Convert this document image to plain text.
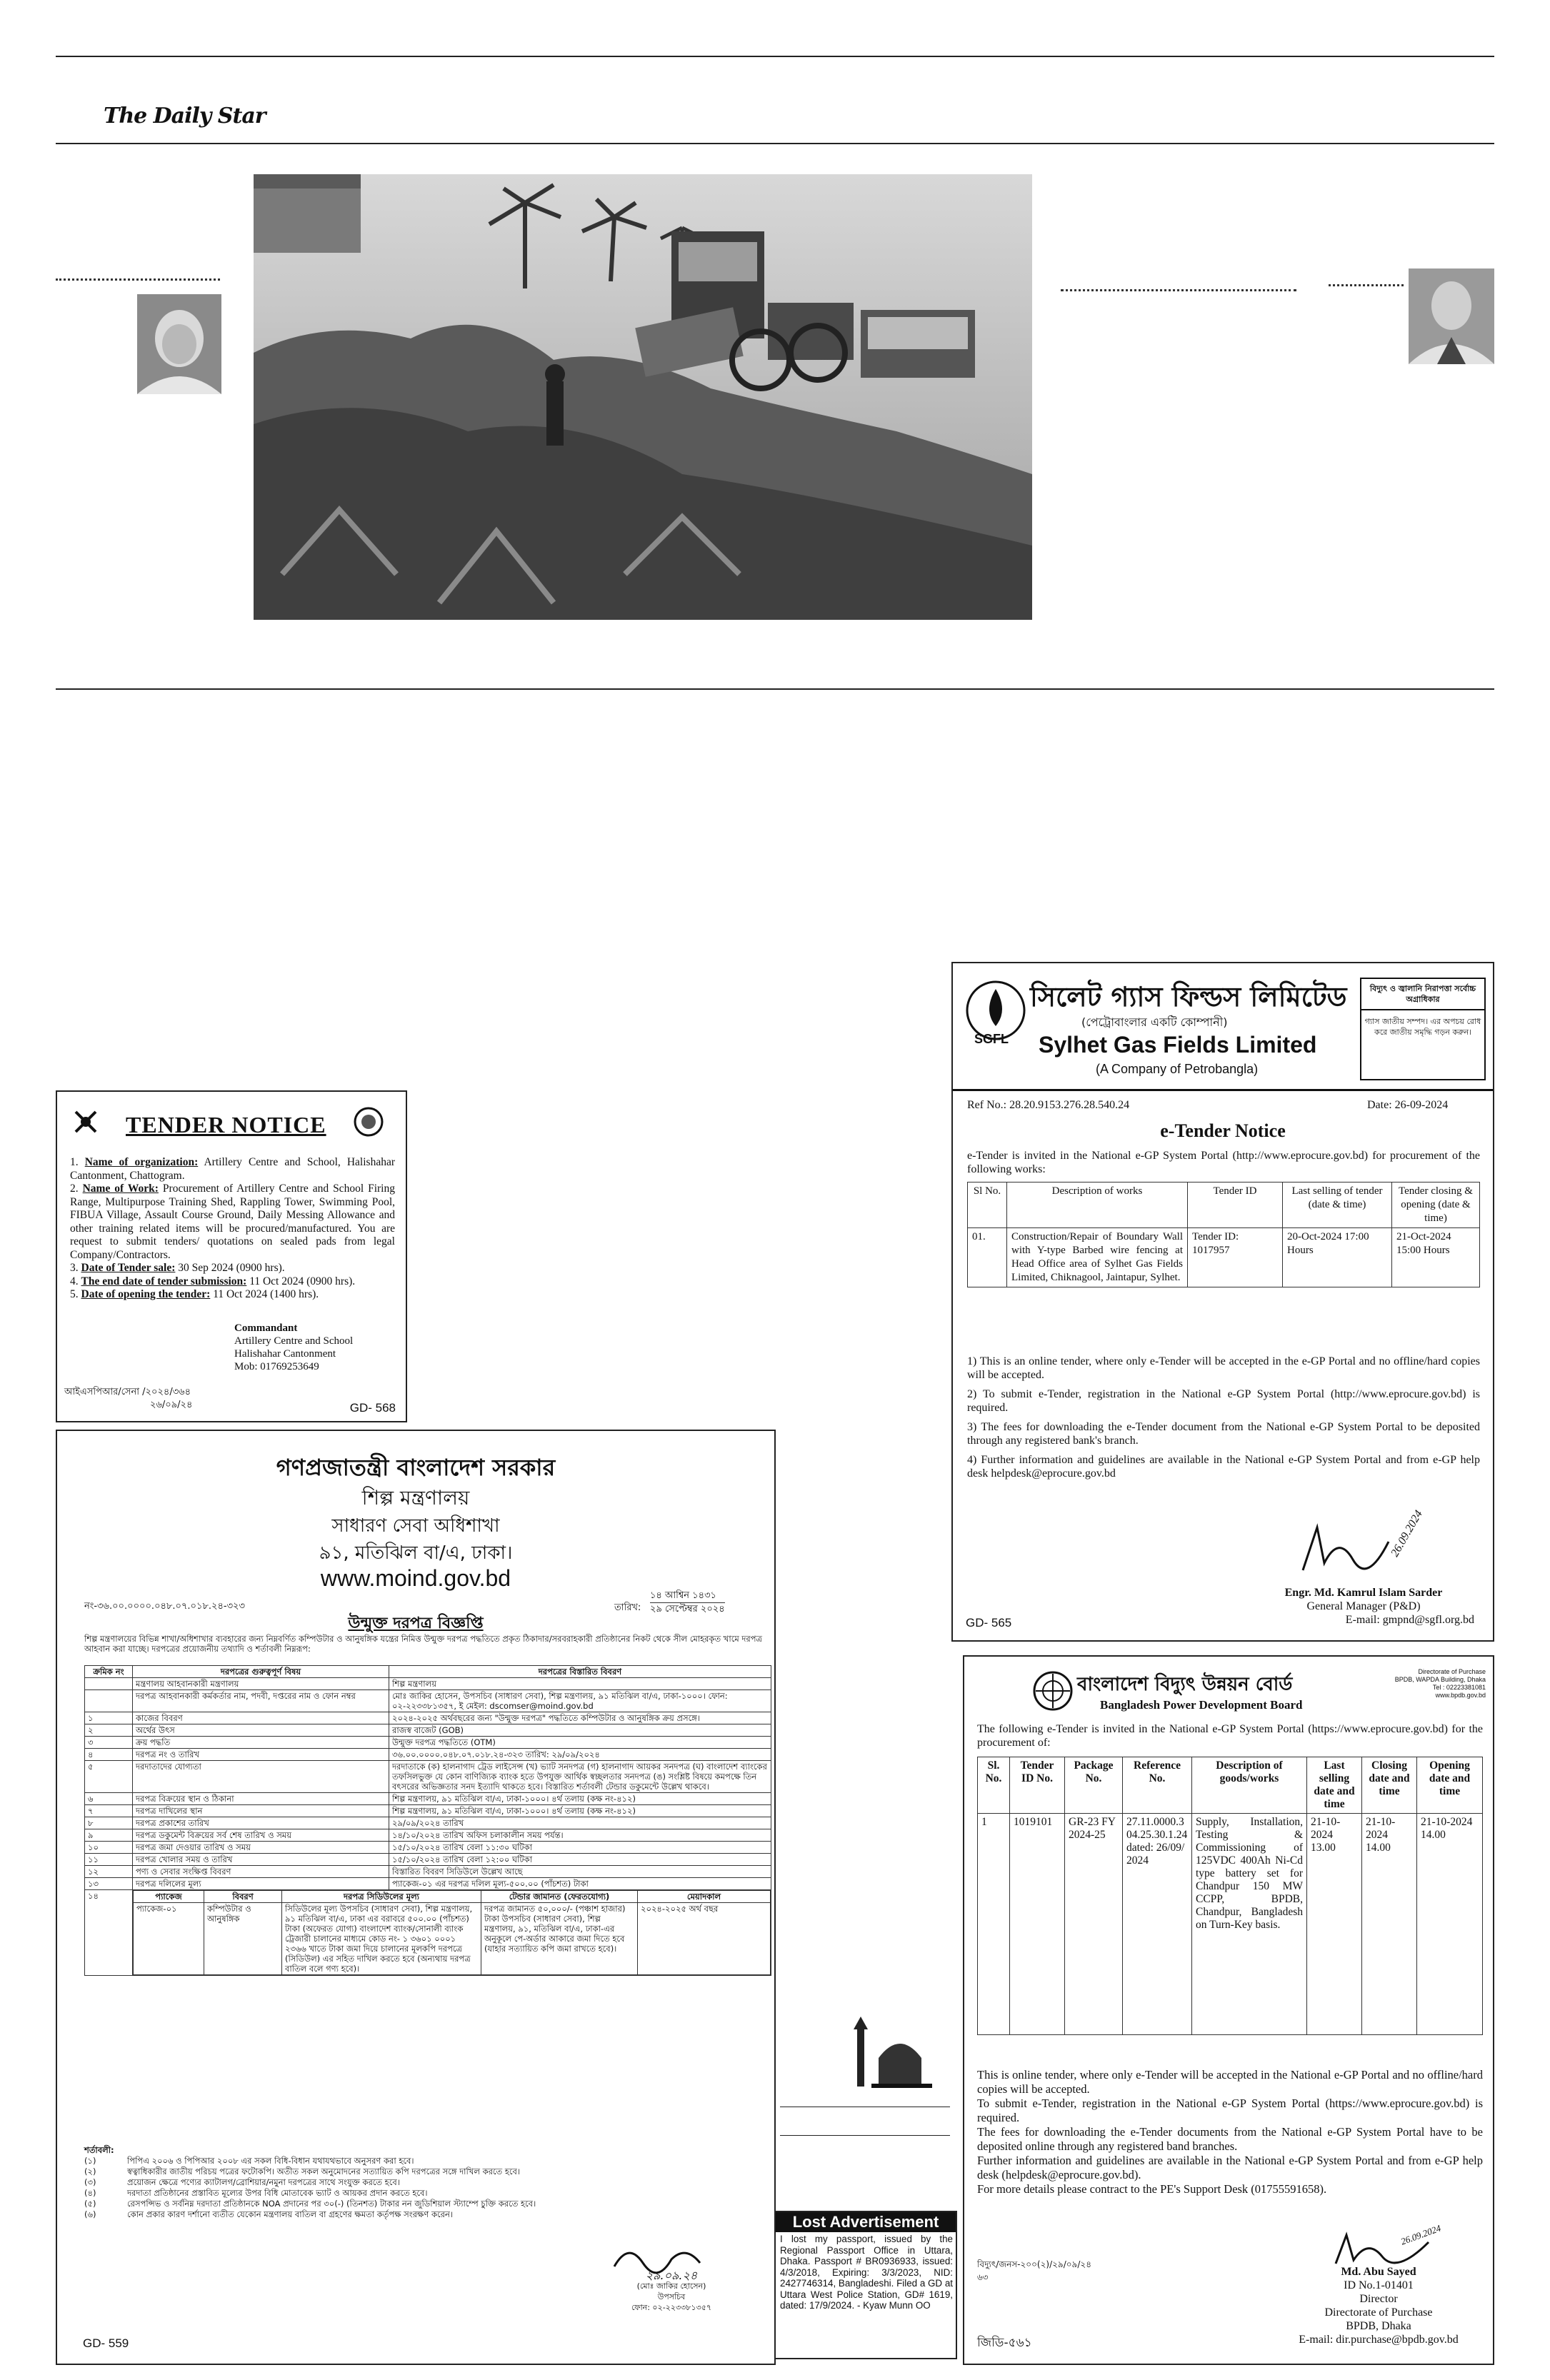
The Daily Star
TENDER NOTICE

1. Name of organization: Artillery Centre and School, Halishahar Cantonment, Chattogram.

2. Name of Work: Procurement of Artillery Centre and School Firing Range, Multipurpose Training Shed, Rappling Tower, Swimming Pool, FIBUA Village, Assault Course Ground, Daily Messing Allowance and other training related items will be procured/manufactured. You are request to submit tenders/ quotations on sealed pads from legal Company/Contractors.

3. Date of Tender sale: 30 Sep 2024 (0900 hrs).

4. The end date of tender submission: 11 Oct 2024 (0900 hrs).

5. Date of opening the tender: 11 Oct 2024 (1400 hrs).

Commandant
Artillery Centre and School
Halishahar Cantonment
Mob: 01769253649
আইএসপিআর/সেনা /২০২৪/৩৬৪
২৬/০৯/২৪	GD- 568
গণপ্রজাতন্ত্রী বাংলাদেশ সরকার
শিল্প মন্ত্রণালয়
সাধারণ সেবা অধিশাখা
৯১, মতিঝিল বা/এ, ঢাকা।
www.moind.gov.bd
নং-৩৬.০০.০০০০.০৪৮.০৭.০১৮.২৪-৩২৩	তারিখ:
১৪ আশ্বিন ১৪৩১
২৯ সেপ্টেম্বর ২০২৪
উন্মুক্ত দরপত্র বিজ্ঞপ্তি
শিল্প মন্ত্রণালয়ের বিভিন্ন শাখা/অধিশাখার ব্যবহারের জন্য নিম্নবর্ণিত কম্পিউটার ও আনুষঙ্গিক যন্ত্রের নিমিত্ত উন্মুক্ত দরপত্র পদ্ধতিতে প্রকৃত ঠিকাদার/সরবরাহকারী প্রতিষ্ঠানের নিকট থেকে সীল মোহরকৃত খামে দরপত্র আহবান করা যাচ্ছে। দরপত্রের প্রয়োজনীয় তথ্যাদি ও শর্তাবলী নিম্নরূপ:
ক্রমিক নং	দরপত্রের গুরুত্বপূর্ণ বিষয়	দরপত্রের বিস্তারিত বিবরণ
	মন্ত্রণালয় আহবানকারী মন্ত্রণালয়	শিল্প মন্ত্রণালয়
	দরপত্র আহবানকারী কর্মকর্তার নাম, পদবী, দপ্তরের নাম ও ফোন নম্বর	মোঃ জাকির হোসেন, উপসচিব (সাধারণ সেবা), শিল্প মন্ত্রণালয়, ৯১ মতিঝিল বা/এ, ঢাকা-১০০০। ফোন: ০২-২২৩৩৮১৩৫৭, ই মেইল: dscomser@moind.gov.bd
১	কাজের বিবরণ	২০২৪-২০২৫ অর্থবছরের জন্য "উন্মুক্ত দরপত্র" পদ্ধতিতে কম্পিউটার ও আনুষঙ্গিক ক্রয় প্রসঙ্গে।
২	অর্থের উৎস	রাজস্ব বাজেট (GOB)
৩	ক্রয় পদ্ধতি	উন্মুক্ত দরপত্র পদ্ধতিতে (OTM)
৪	দরপত্র নং ও তারিখ	৩৬.০০.০০০০.০৪৮.০৭.০১৮.২৪-৩২৩ তারিখ: ২৯/০৯/২০২৪
৫	দরদাতাদের যোগ্যতা	দরদাতাকে (ক) হালনাগাদ ট্রেড লাইসেন্স (খ) ভ্যাট সনদপত্র (গ) হালনাগাদ আয়কর সনদপত্র (ঘ) বাংলাদেশ ব্যাংকের তফসিলভুক্ত যে কোন বাণিজ্যিক ব্যাংক হতে উপযুক্ত আর্থিক স্বচ্ছলতার সনদপত্র (ঙ) সংশ্লিষ্ট বিষয়ে কমপক্ষে তিন বৎসরের অভিজ্ঞতার সনদ ইত্যাদি থাকতে হবে। বিস্তারিত শর্তাবলী টেন্ডার ডকুমেন্টে উল্লেখ থাকবে।
৬	দরপত্র বিক্রয়ের স্থান ও ঠিকানা	শিল্প মন্ত্রণালয়, ৯১ মতিঝিল বা/এ, ঢাকা-১০০০। ৪র্থ তলায় (কক্ষ নং-৪১২)
৭	দরপত্র দাখিলের স্থান	শিল্প মন্ত্রণালয়, ৯১ মতিঝিল বা/এ, ঢাকা-১০০০। ৪র্থ তলায় (কক্ষ নং-৪১২)
৮	দরপত্র প্রকাশের তারিখ	২৯/০৯/২০২৪ তারিখ
৯	দরপত্র ডকুমেন্ট বিক্রয়ের সর্ব শেষ তারিখ ও সময়	১৪/১০/২০২৪ তারিখ অফিস চলাকালীন সময় পর্যন্ত।
১০	দরপত্র জমা দেওয়ার তারিখ ও সময়	১৫/১০/২০২৪ তারিখ বেলা ১১:৩০ ঘটিকা
১১	দরপত্র খোলার সময় ও তারিখ	১৫/১০/২০২৪ তারিখ বেলা ১২:০০ ঘটিকা
১২	পণ্য ও সেবার সংক্ষিপ্ত বিবরণ	বিস্তারিত বিবরণ সিডিউলে উল্লেখ আছে
১৩	দরপত্র দলিলের মূল্য	প্যাকেজ-০১ এর দরপত্র দলিল মূল্য-৫০০.০০ (পাঁচশত) টাকা
১৪		প্যাকেজ	বিবরণ	দরপত্র সিডিউলের মূল্য	টেন্ডার জামানত (ফেরতযোগ্য)	মেয়াদকাল
প্যাকেজ-০১	কম্পিউটার ও আনুষঙ্গিক	সিডিউলের মূল্য উপসচিব (সাধারণ সেবা), শিল্প মন্ত্রণালয়, ৯১ মতিঝিল বা/এ, ঢাকা এর বরাবরে ৫০০.০০ (পাঁচশত) টাকা (অফেরত যোগ্য) বাংলাদেশ ব্যাংক/সোনালী ব্যাংক ট্রেজারী চালানের মাধ্যমে কোড নং- ১ ৩৬০১ ০০০১ ২৩৬৬ খাতে টাকা জমা দিয়ে চালানের মূলকপি দরপত্রে (সিডিউল) এর সহিত দাখিল করতে হবে (অন্যথায় দরপত্র বাতিল বলে গণ্য হবে)।	দরপত্র জামানত ৫০,০০০/- (পঞ্চাশ হাজার) টাকা উপসচিব (সাধারণ সেবা), শিল্প মন্ত্রণালয়, ৯১, মতিঝিল বা/এ, ঢাকা-এর অনুকূলে পে-অর্ডার আকারে জমা দিতে হবে (যাহার সত্যায়িত কপি জমা রাখতে হবে)।	২০২৪-২০২৫ অর্থ বছর
শর্তাবলী:
(১)	পিপিএ ২০০৬ ও পিপিআর ২০০৮ এর সকল বিধি-বিধান যথাযথভাবে অনুসরণ করা হবে।
(২)	স্বত্বাধিকারীর জাতীয় পরিচয় পত্রের ফটোকপি। অতীত সকল অনুমোদনের সত্যায়িত কপি দরপত্রের সঙ্গে দাখিল করতে হবে।
(৩)	প্রয়োজন ক্ষেত্রে পণ্যের ক্যাটালগ/ব্রোশিয়ার/নমুনা দরপত্রের সাথে সংযুক্ত করতে হবে।
(৪)	দরদাতা প্রতিষ্ঠানের প্রস্তাবিত মূল্যের উপর বিধি মোতাবেক ভ্যাট ও আয়কর প্রদান করতে হবে।
(৫)	রেসপন্সিভ ও সর্বনিম্ন দরদাতা প্রতিষ্ঠানকে NOA প্রদানের পর ৩০(-) (তিনশত) টাকার নন জুডিশিয়াল স্ট্যাম্পে চুক্তি করতে হবে।
(৬)	কোন প্রকার কারণ দর্শানো ব্যতীত যেকোন মন্ত্রণালয় বাতিল বা গ্রহণের ক্ষমতা কর্তৃপক্ষ সংরক্ষণ করেন।
২৯.০৯.২৪
(মোঃ জাকির হোসেন)
উপসচিব
ফোন: ০২-২২৩৩৮১৩৫৭
GD- 559
Lost Advertisement
I lost my passport, issued by the Regional Passport Office in Uttara, Dhaka. Passport # BR0936933, issued: 4/3/2018, Expiring: 3/3/2023, NID: 2427746314, Bangladeshi. Filed a GD at Uttara West Police Station, GD# 1619, dated: 17/9/2024. - Kyaw Munn OO
SGFL
সিলেট গ্যাস ফিল্ডস লিমিটেড
(পেট্রোবাংলার একটি কোম্পানী)
Sylhet Gas Fields Limited
(A Company of Petrobangla)
বিদ্যুৎ ও জ্বালানি নিরাপত্তা সর্বোচ্চ অগ্রাধিকার
গ্যাস জাতীয় সম্পদ। এর অপচয় রোধ করে জাতীয় সমৃদ্ধি গড়ন করুন।
Ref No.: 28.20.9153.276.28.540.24	Date: 26-09-2024
e-Tender Notice
e-Tender is invited in the National e-GP System Portal (http://www.eprocure.gov.bd) for procurement of the following works:
Sl No.	Description of works	Tender ID	Last selling of tender (date & time)	Tender closing & opening (date & time)
01.	Construction/Repair of Boundary Wall with Y-type Barbed wire fencing at Head Office area of Sylhet Gas Fields Limited, Chiknagool, Jaintapur, Sylhet.	Tender ID: 1017957	20-Oct-2024 17:00 Hours	21-Oct-2024 15:00 Hours

1) This is an online tender, where only e-Tender will be accepted in the e-GP Portal and no offline/hard copies will be accepted.

2) To submit e-Tender, registration in the National e-GP System Portal (http://www.eprocure.gov.bd) is required.

3) The fees for downloading the e-Tender document from the National e-GP System Portal to be deposited through any registered bank's branch.

4) Further information and guidelines are available in the National e-GP System Portal and from e-GP help desk helpdesk@eprocure.gov.bd

26.09.2024
Engr. Md. Kamrul Islam Sarder
General Manager (P&D)
E-mail: gmpnd@sgfl.org.bd
GD- 565
বাংলাদেশ বিদ্যুৎ উন্নয়ন বোর্ড
Bangladesh Power Development Board
Directorate of Purchase
BPDB, WAPDA Building, Dhaka
Tel : 02223381081
www.bpdb.gov.bd
The following e-Tender is invited in the National e-GP System Portal (https://www.eprocure.gov.bd) for the procurement of:
Sl. No.	Tender ID No.	Package No.	Reference No.	Description of goods/works	Last selling date and time	Closing date and time	Opening date and time
1	1019101	GR-23 FY 2024-25	27.11.0000.304.25.30.1.24 dated: 26/09/2024	Supply, Installation, Testing & Commissioning of 125VDC 400Ah Ni-Cd type battery set for Chandpur 150 MW CCPP, BPDB, Chandpur, Bangladesh on Turn-Key basis.	21-10-2024 13.00	21-10-2024 14.00	21-10-2024 14.00
This is online tender, where only e-Tender will be accepted in the National e-GP Portal and no offline/hard copies will be accepted.
To submit e-Tender, registration in the National e-GP System Portal (https://www.eprocure.gov.bd) is required.
The fees for downloading the e-Tender documents from the National e-GP System Portal have to be deposited online through any registered band branches.
Further information and guidelines are available in the National e-GP System Portal and from e-GP help desk (helpdesk@eprocure.gov.bd).
For more details please contract to the PE's Support Desk (01755591658).
26.09.2024
বিদ্যুৎ/জনস-২০০(২)/২৯/০৯/২৪
৬৩	Md. Abu Sayed
ID No.1-01401
Director
Directorate of Purchase
BPDB, Dhaka
E-mail: dir.purchase@bpdb.gov.bd
জিডি-৫৬১
